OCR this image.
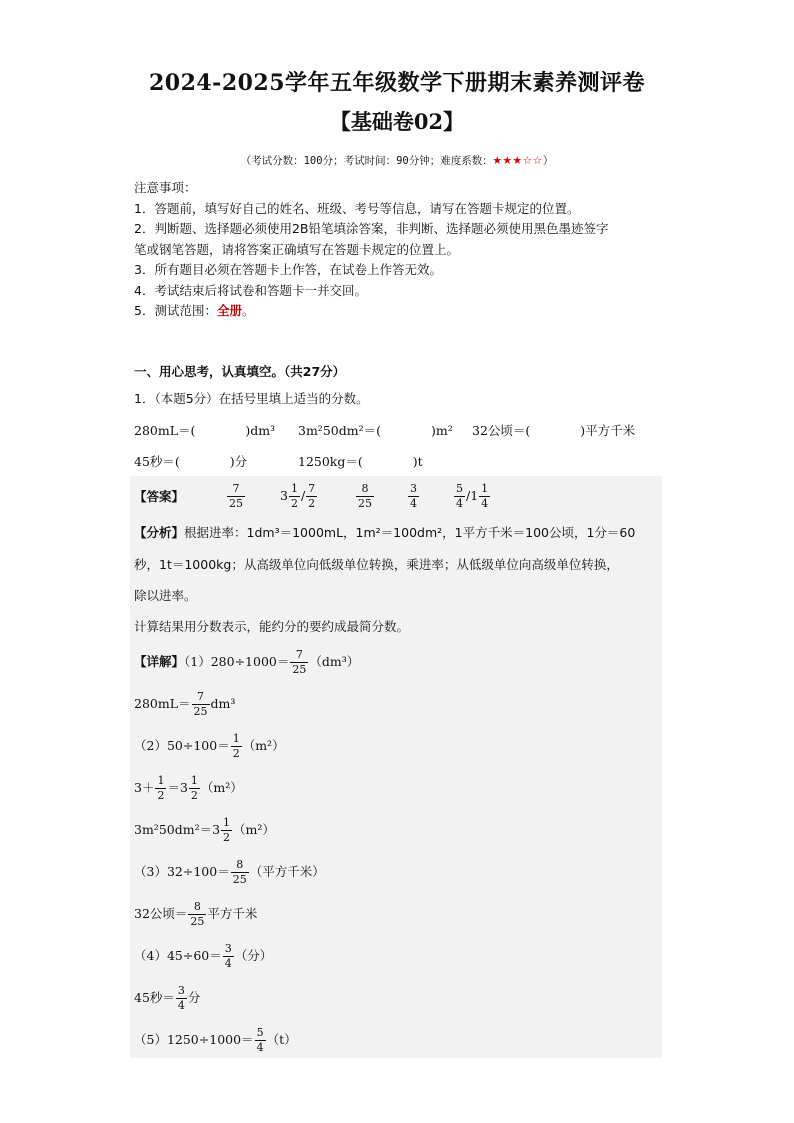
2024-2025学年五年级数学下册期末素养测评卷
【基础卷02】
（考试分数：100分；考试时间：90分钟；难度系数：★★★☆☆）
注意事项：
1．答题前，填写好自己的姓名、班级、考号等信息，请写在答题卡规定的位置。
2．判断题、选择题必须使用2B铅笔填涂答案，非判断、选择题必须使用黑色墨迹签字
笔或钢笔答题，请将答案正确填写在答题卡规定的位置上。
3．所有题目必须在答题卡上作答，在试卷上作答无效。
4．考试结束后将试卷和答题卡一并交回。
5．测试范围：全册。
一、用心思考，认真填空。（共27分）
1．（本题5分）在括号里填上适当的分数。
280mL＝(　　　　)dm³ 3m²50dm²＝(　　　　)m² 32公顷＝(　　　　)平方千米
45秒＝(　　　　)分	1250kg＝(　　　　)t
【答案】	$\frac{7}{25}$	$3 \frac{1}{2} / \frac{7}{2}$	$\frac{8}{25}$	$\frac{3}{4}$	$\frac{5}{4} /1 \frac{1}{4}$
【分析】根据进率：1dm³＝1000mL，1m²＝100dm²，1平方千米＝100公顷，1分＝60
秒，1t＝1000kg；从高级单位向低级单位转换，乘进率；从低级单位向高级单位转换，
除以进率。
计算结果用分数表示，能约分的要约成最简分数。
【详解】$(1)280\div 1000= \frac{7}{25} (dm^3)$
$280mL= \frac{7}{25} dm^3$
$(2)50\div 100= \frac{1}{2} (m^2)$
$3+ \frac{1}{2} =3 \frac{1}{2} (m^2)$
$3m^250dm^2=3 \frac{1}{2} (m^2)$
$(3)32\div 100= \frac{8}{25}$ （平方千米）
32公顷＝ $\frac{8}{25}$ 平方千米
$(4)45\div 60= \frac{3}{4}$ （分）
45秒＝ $\frac{3}{4}$ 分
$(5)1250\div 1000= \frac{5}{4} (t)$
